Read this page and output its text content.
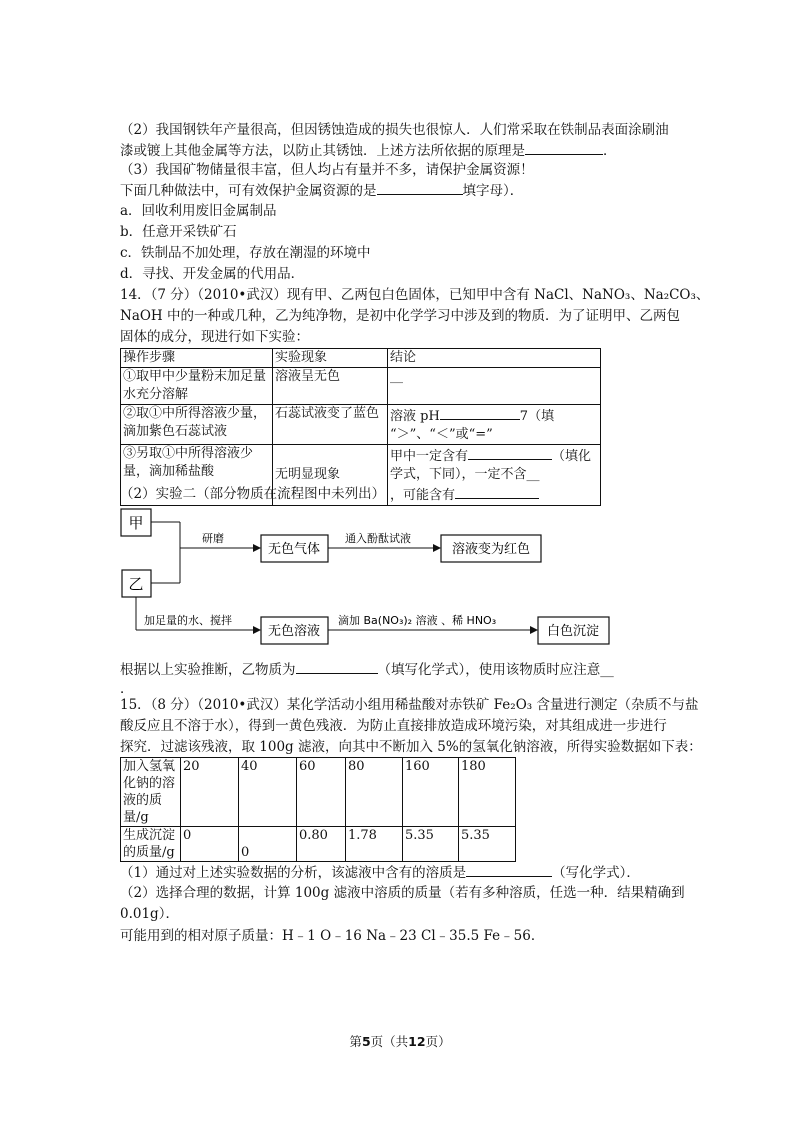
（2）我国钢铁年产量很高，但因锈蚀造成的损失也很惊人．人们常采取在铁制品表面涂刷油
漆或镀上其他金属等方法，以防止其锈蚀．上述方法所依据的原理是	．
（3）我国矿物储量很丰富，但人均占有量并不多，请保护金属资源！
下面几种做法中，可有效保护金属资源的是	填字母）．
a．回收利用废旧金属制品
b．任意开采铁矿石
c．铁制品不加处理，存放在潮湿的环境中
d．寻找、开发金属的代用品．
14．（7 分）（2010•武汉）现有甲、乙两包白色固体，已知甲中含有 NaCl、NaNO₃、Na₂CO₃、
NaOH 中的一种或几种，乙为纯净物，是初中化学学习中涉及到的物质．为了证明甲、乙两包
固体的成分，现进行如下实验：
操作步骤	实验现象	结论
①取甲中少量粉末加足量水充分溶解	溶液呈无色	__
②取①中所得溶液少量，滴加紫色石蕊试液	石蕊试液变了蓝色	溶液 pH 7（填
“＞”、“＜”或“=”
③另取①中所得溶液少量，滴加稀盐酸	无明显现象	甲中一定含有 （填化
学式，下同），一定不含__
，可能含有
（2）实验二（部分物质在流程图中未列出）
甲
乙
研磨
无色气体
通入酚酞试液
溶液变为红色
加足量的水、搅拌
无色溶液
滴加 Ba(NO₃)₂ 溶液 、稀 HNO₃
白色沉淀
根据以上实验推断，乙物质为	（填写化学式），使用该物质时应注意__
．
15．（8 分）（2010•武汉）某化学活动小组用稀盐酸对赤铁矿 Fe₂O₃ 含量进行测定（杂质不与盐
酸反应且不溶于水），得到一黄色残液．为防止直接排放造成环境污染，对其组成进一步进行
探究．过滤该残液，取 100g 滤液，向其中不断加入 5%的氢氧化钠溶液，所得实验数据如下表：
加入氢氧化钠的溶液的质量/g	20	40	60	80	160	180
生成沉淀的质量/g	0	0	0.80	1.78	5.35	5.35
（1）通过对上述实验数据的分析，该滤液中含有的溶质是	（写化学式）．
（2）选择合理的数据，计算 100g 滤液中溶质的质量（若有多种溶质，任选一种．结果精确到
0.01g）．
可能用到的相对原子质量：H﹣1 O﹣16 Na﹣23 Cl﹣35.5 Fe﹣56．
第5页（共12页）
